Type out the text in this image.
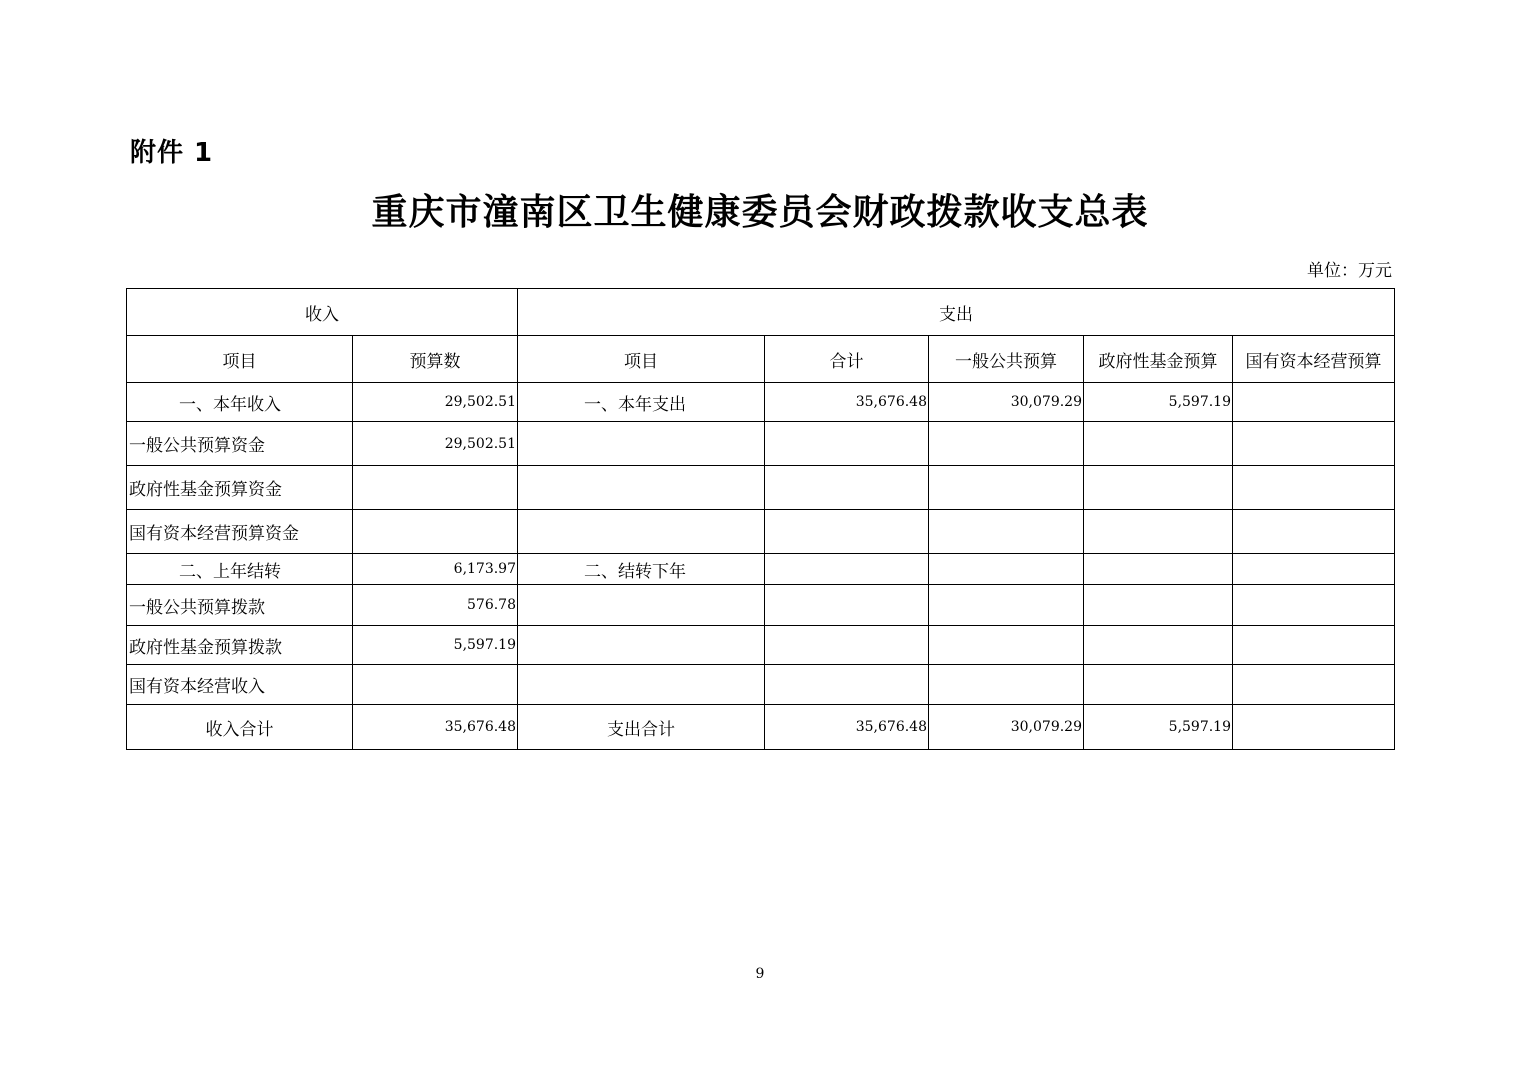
附件 1
重庆市潼南区卫生健康委员会财政拨款收支总表
单位：万元
收入		支出				
项目	预算数	项目	合计	一般公共预算	政府性基金预算	国有资本经营预算
一、本年收入	29,502.51	一、本年支出	35,676.48	30,079.29	5,597.19	
一般公共预算资金	29,502.51					
政府性基金预算资金						
国有资本经营预算资金						
二、上年结转	6,173.97	二、结转下年				
一般公共预算拨款	576.78					
政府性基金预算拨款	5,597.19					
国有资本经营收入						
收入合计	35,676.48	支出合计	35,676.48	30,079.29	5,597.19	
9
